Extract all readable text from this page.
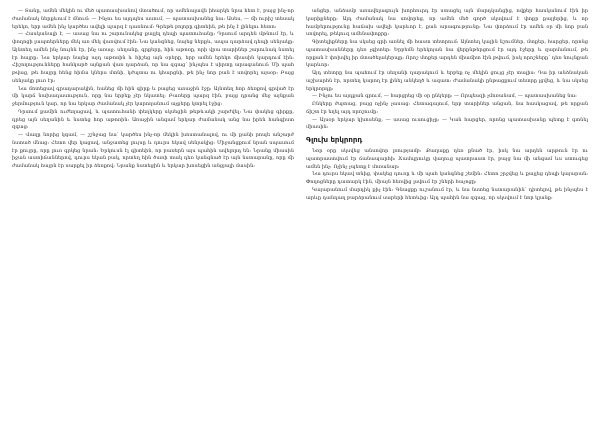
— Տանը, ամեն մեկին ու մեծ պատասխանով մտածում, որ ամենալավն իհարկե նրա հետ է, բայց ինչ-որ ժամանակ ներքևում է մնում։ — Ինչու ես այդպես ասում, — պատասխանեց նա։ Ասես, — մի ուրիշ տեսակ երեկո, երբ ամեն ինչ կարծես ավելի պարզ է դառնում։ Գրեթե բոլորը գիտեին, թե ինչ է լինելու հետո։

— Հասկանալի է, — ասաց նա ու շարունակեց քայլել դեպի պատուհանը։ Դրսում արդեն մթնում էր, և փողոցի լապտերները մեկ առ մեկ վառվում էին։ Նա կանգնեց, նայեց ներքև, ապա դարձավ դեպի սենյակը։ Այնտեղ ամեն ինչ նույնն էր, ինչ առաջ․ սեղանը, գրքերը, հին աթոռը, որի վրա տարիներ շարունակ նստել էր հայրը։ Նա երկար նայեց այդ աթոռին և հիշեց այն օրերը, երբ ամեն երեկո միասին կարդում էին։ Հիշողությունները հանկարծ այնքան վառ դարձան, որ նա զգաց՝ ինչպես է սիրտը արագանում։ Մի պահ թվաց, թե հայրը հենց հիմա կներս մտնի, կժպտա ու կհարցնի, թե ինչ նոր բան է սովորել այսօր։ Բայց սենյակը լուռ էր։

Նա մոտեցավ գրադարակին, հանեց մի հին գիրք և բացեց առաջին էջը։ Այնտեղ հոր ձեռքով գրված էր մի կարճ նախադասություն, որը նա երբեք չէր նկատել։ Բառերը պարզ էին, բայց դրանց մեջ այնքան ջերմություն կար, որ նա երկար ժամանակ չէր կարողանում աչքերը կտրել էջից։

Դրսում քամին ուժեղացավ, և պատուհանի փեղկերը սկսեցին թեթևակի շարժվել։ Նա փակեց գիրքը, դրեց այն սեղանին և նստեց հոր աթոռին։ Առաջին անգամ երկար ժամանակ անց նա իրեն հանգիստ զգաց։

— Վաղը նորից կգամ, — շշնջաց նա՝ կարծես ինչ-որ մեկին խոստանալով, ու մի քանի րոպե անշարժ նստած մնաց։ Հետո վեր կացավ, անջատեց լույսը և դուրս եկավ սենյակից։ Միջանցքում նրան սպասում էր քույրը, որը լուռ գրկեց նրան։ Երկուսն էլ գիտեին, որ բառերն այս պահին ավելորդ են։ Նրանք միասին իջան աստիճաններով, դուրս եկան բակ, որտեղ հին ծառի տակ դեռ կանգնած էր այն նստարանը, որը մի ժամանակ հայրն էր սարքել իր ձեռքով։ Նրանք նստեցին և երկար խոսեցին անցյալի մասին։

անցեր, անձամբ առավելագույն խորհուրդ էր ստացել այն մարդկանցից, ովքեր հասկանում էին իր կարիքները։ Այդ ժամանակ նա սովորեց, որ ամեն մեծ գործ սկսվում է փոքր քայլերից, և որ համբերությունը հաճախ ավելի կարևոր է, քան արագությունը։ Նա փորձում էր ամեն օր մի նոր բան սովորել, թեկուզ ամենափոքրը։

Գիտելիքները նա սկսեց գրի առնել մի հաստ տետրում։ Այնտեղ կային նշումներ, մտքեր, հարցեր, որոնց պատասխանները դեռ չգիտեր։ Երբեմն երեկոյան նա վերընթերցում էր այդ էջերը և զարմանում, թե որքան է փոխվել իր մտածելակերպը։ Որոշ մտքեր արդեն միամիտ էին թվում, իսկ որոշները՝ դեռ նույնքան կարևոր։

Այդ տետրը նա պահում էր սեղանի դարակում և երբեք ոչ մեկին ցույց չէր տալիս։ Դա իր անձնական աշխարհն էր, որտեղ կարող էր լինել անկեղծ և ազատ։ Ժամանակի ընթացքում տետրը լցվեց, և նա սկսեց երկրորդը։

— Ինչու ես այդքան գրում, — հարցրեց մի օր ընկերը։ — Որպեսզի չմոռանամ, — պատասխանեց նա։

Ընկերը ժպտաց, բայց ոչինչ չասաց։ Հետագայում, երբ տարիներ անցան, նա հասկացավ, թե որքան ճիշտ էր եղել այդ որոշումը։

— Այսօր երկար կխոսենք, — ասաց ուսուցիչը։ — Կան հարցեր, որոնց պատասխանը պետք է գտնել միասին։

Գլուխ երկրորդ

Նոր օրը սկսվեց անսովոր լռությամբ։ Քաղաքը դեռ քնած էր, իսկ նա արդեն արթուն էր ու պատրաստվում էր ճանապարհի։ Ճամպրուկը վաղուց պատրաստ էր, բայց նա մի անգամ ևս ստուգեց ամեն ինչ։ Ոչինչ չպետք է մոռանար։

Նա դուրս եկավ տնից, փակեց դուռը և մի պահ կանգնեց շեմին։ Հետո շրջվեց և քայլեց դեպի կայարան։ Փողոցները դատարկ էին, միայն հեռվից լսվում էր շների հաչոցը։

Կայարանում մարդիկ քիչ էին։ Գնացքը ուշանում էր, և նա նստեց նստարանին՝ դիտելով, թե ինչպես է արևը դանդաղ բարձրանում սարերի հետևից։ Այդ պահին նա զգաց, որ սկսվում է նոր կյանք։
